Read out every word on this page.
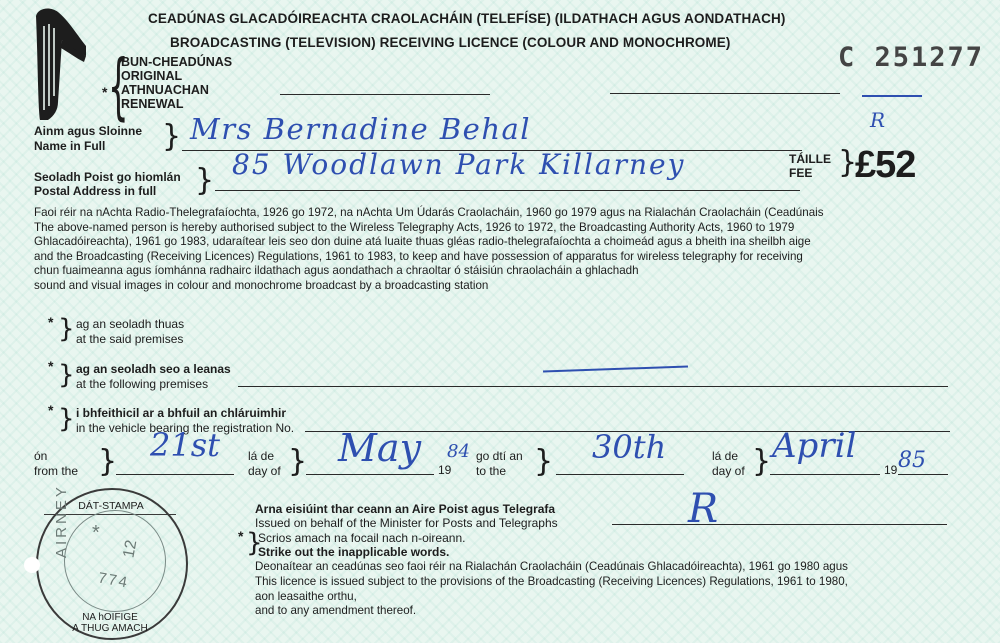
CEADÚNAS GLACADÓIREACHTA CRAOLACHÁIN (TELEFÍSE) (ILDATHACH AGUS AONDATHACH)
BROADCASTING (TELEVISION) RECEIVING LICENCE (COLOUR AND MONOCHROME)	C 251277
{
*
BUN-CHEADÚNAS
ORIGINAL
ATHNUACHAN
RENEWAL
R
Ainm agus Sloinne
Name in Full } Mrs Bernadine Behal
Seoladh Poist go hiomlán
Postal Address in full } 85 Woodlawn Park Killarney	TÁILLE
FEE }
£52
Faoi réir na nAchta Radio-Thelegrafaíochta, 1926 go 1972, na nAchta Um Údarás Craolacháin, 1960 go 1979 agus na Rialachán Craolacháin (Ceadúnais
The above-named person is hereby authorised subject to the Wireless Telegraphy Acts, 1926 to 1972, the Broadcasting Authority Acts, 1960 to 1979
Ghlacadóireachta), 1961 go 1983, udaraítear leis seo don duine atá luaite thuas gléas radio-thelegrafaíochta a choimeád agus a bheith ina sheilbh aige
and the Broadcasting (Receiving Licences) Regulations, 1961 to 1983, to keep and have possession of apparatus for wireless telegraphy for receiving
chun fuaimeanna agus íomhánna radhairc ildathach agus aondathach a chraoltar ó stáisiún chraolacháin a ghlachadh
sound and visual images in colour and monochrome broadcast by a broadcasting station
* } ag an seoladh thuas
at the said premises
* } ag an seoladh seo a leanas
at the following premises
* } i bhfeithicil ar a bhfuil an chláruimhir
in the vehicle bearing the registration No.
ón
from the } 21st lá de
day of } May 19
84 go dtí an
to the } 30th	lá de
day of } April
19 85
DÁT-STAMPA
AIRNEY *
12
774
NA hOIFIGE
A THUG AMACH
Arna eisiúint thar ceann an Aire Poist agus Telegrafa
Issued on behalf of the Minister for Posts and Telegraphs	R
* }
Scrios amach na focail nach n-oireann.
Strike out the inapplicable words.
Deonaítear an ceadúnas seo faoi réir na Rialachán Craolacháin (Ceadúnais Ghlacadóireachta), 1961 go 1980 agus
This licence is issued subject to the provisions of the Broadcasting (Receiving Licences) Regulations, 1961 to 1980,
aon leasaithe orthu,
and to any amendment thereof.
